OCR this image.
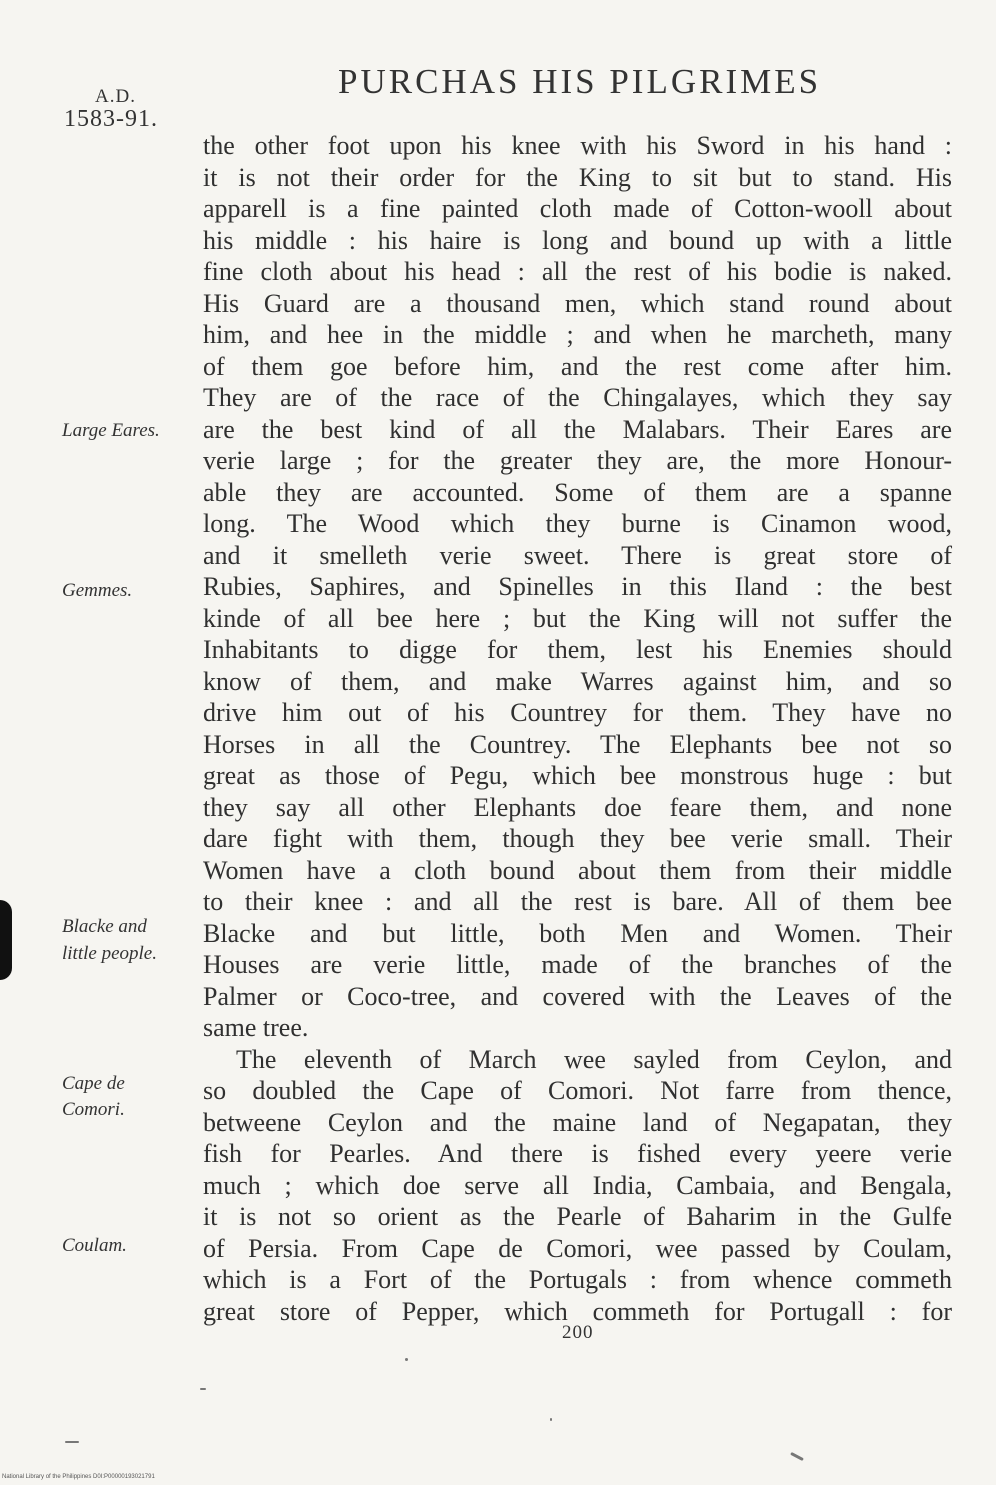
A.D.
1583-91.
PURCHAS HIS PILGRIMES
the other foot upon his knee with his Sword in his hand :
it is not their order for the King to sit but to stand. His
apparell is a fine painted cloth made of Cotton-wooll about
his middle : his haire is long and bound up with a little
fine cloth about his head : all the rest of his bodie is naked.
His Guard are a thousand men, which stand round about
him, and hee in the middle ; and when he marcheth, many
of them goe before him, and the rest come after him.
They are of the race of the Chingalayes, which they say
are the best kind of all the Malabars. Their Eares are
verie large ; for the greater they are, the more Honour-
able they are accounted. Some of them are a spanne
long. The Wood which they burne is Cinamon wood,
and it smelleth verie sweet. There is great store of
Rubies, Saphires, and Spinelles in this Iland : the best
kinde of all bee here ; but the King will not suffer the
Inhabitants to digge for them, lest his Enemies should
know of them, and make Warres against him, and so
drive him out of his Countrey for them. They have no
Horses in all the Countrey. The Elephants bee not so
great as those of Pegu, which bee monstrous huge : but
they say all other Elephants doe feare them, and none
dare fight with them, though they bee verie small. Their
Women have a cloth bound about them from their middle
to their knee : and all the rest is bare. All of them bee
Blacke and but little, both Men and Women. Their
Houses are verie little, made of the branches of the
Palmer or Coco-tree, and covered with the Leaves of the
same tree.
The eleventh of March wee sayled from Ceylon, and
so doubled the Cape of Comori. Not farre from thence,
betweene Ceylon and the maine land of Negapatan, they
fish for Pearles. And there is fished every yeere verie
much ; which doe serve all India, Cambaia, and Bengala,
it is not so orient as the Pearle of Baharim in the Gulfe
of Persia. From Cape de Comori, wee passed by Coulam,
which is a Fort of the Portugals : from whence commeth
great store of Pepper, which commeth for Portugall : for
Large Eares.
Gemmes.
Blacke and
little people.
Cape de
Comori.
Coulam.
200
National Library of the Philippines D0I:P00000193021791
